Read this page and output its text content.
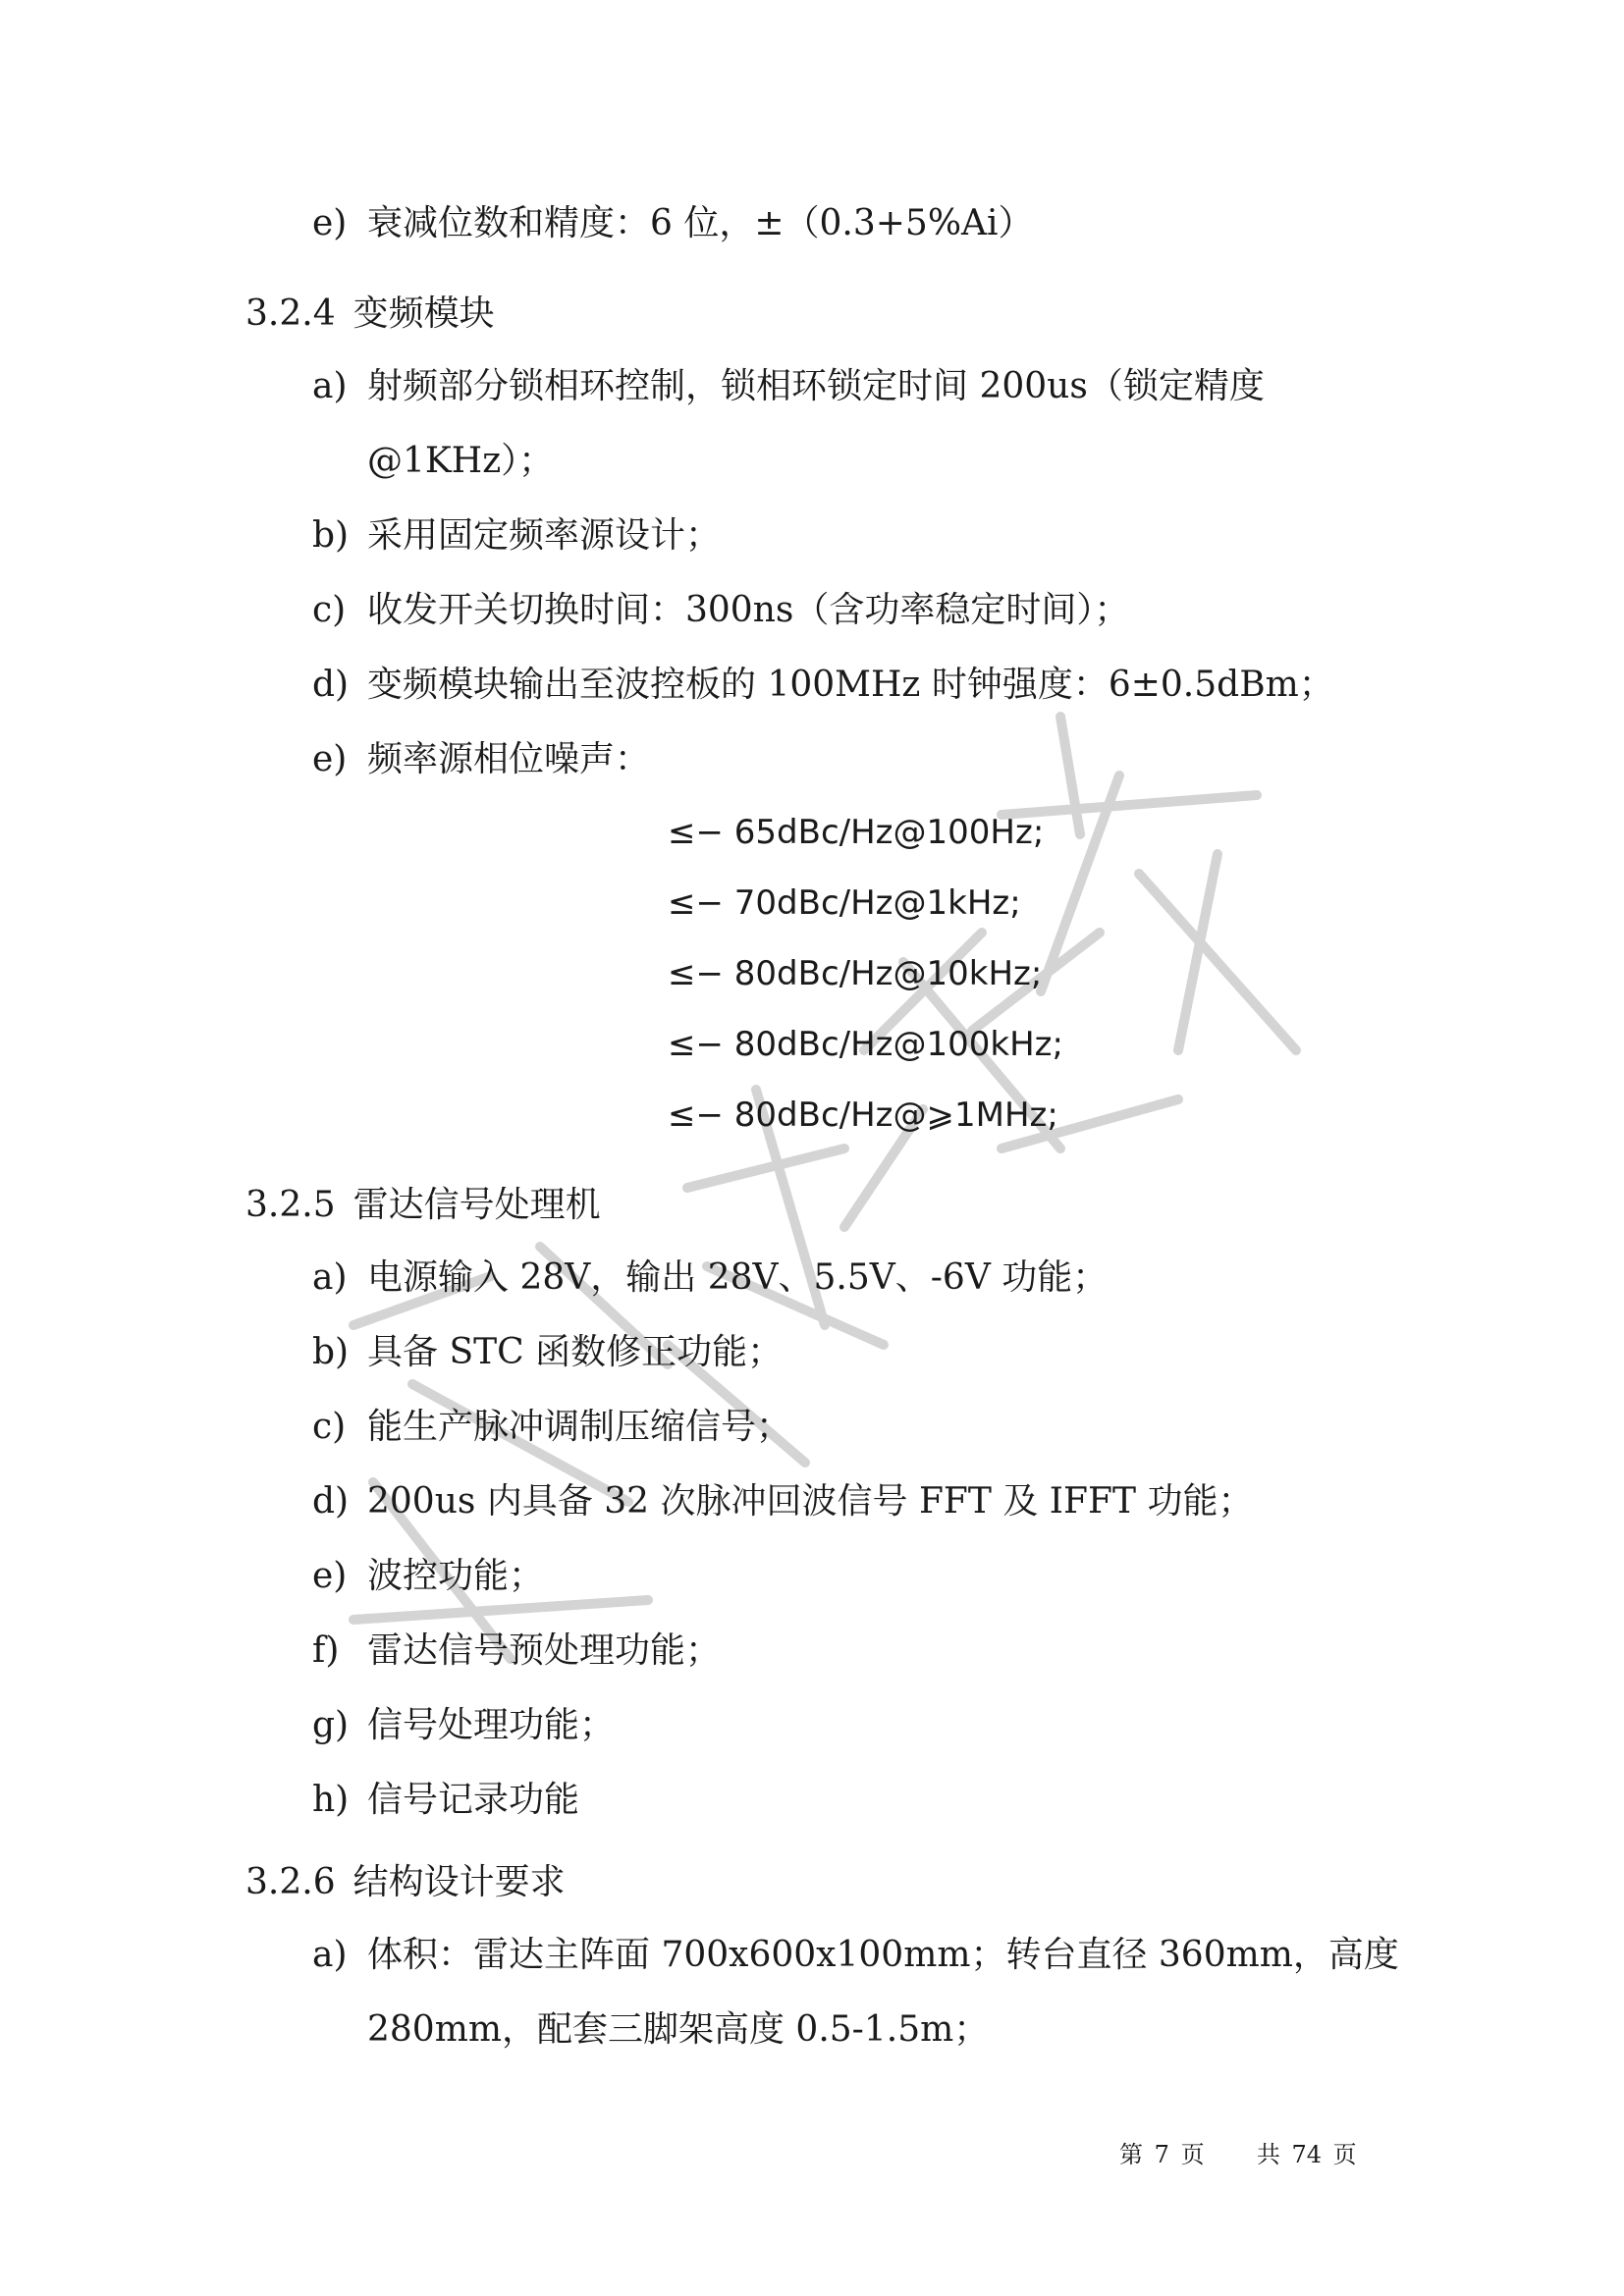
e) 衰减位数和精度：6 位，±（0.3+5%Ai）
3.2.4 变频模块
a) 射频部分锁相环控制，锁相环锁定时间 200us（锁定精度
@1KHz）；
b) 采用固定频率源设计；
c) 收发开关切换时间：300ns（含功率稳定时间）；
d) 变频模块输出至波控板的 100MHz 时钟强度：6±0.5dBm；
e) 频率源相位噪声：
≤− 65dBc/Hz@100Hz;
≤− 70dBc/Hz@1kHz;
≤− 80dBc/Hz@10kHz;
≤− 80dBc/Hz@100kHz;
≤− 80dBc/Hz@⩾1MHz;
3.2.5 雷达信号处理机
a) 电源输入 28V，输出 28V、5.5V、-6V 功能；
b) 具备 STC 函数修正功能；
c) 能生产脉冲调制压缩信号；
d) 200us 内具备 32 次脉冲回波信号 FFT 及 IFFT 功能；
e) 波控功能；
f) 雷达信号预处理功能；
g) 信号处理功能；
h) 信号记录功能
3.2.6 结构设计要求
a) 体积：雷达主阵面 700x600x100mm；转台直径 360mm，高度
280mm，配套三脚架高度 0.5-1.5m；
第 7 页 共 74 页
